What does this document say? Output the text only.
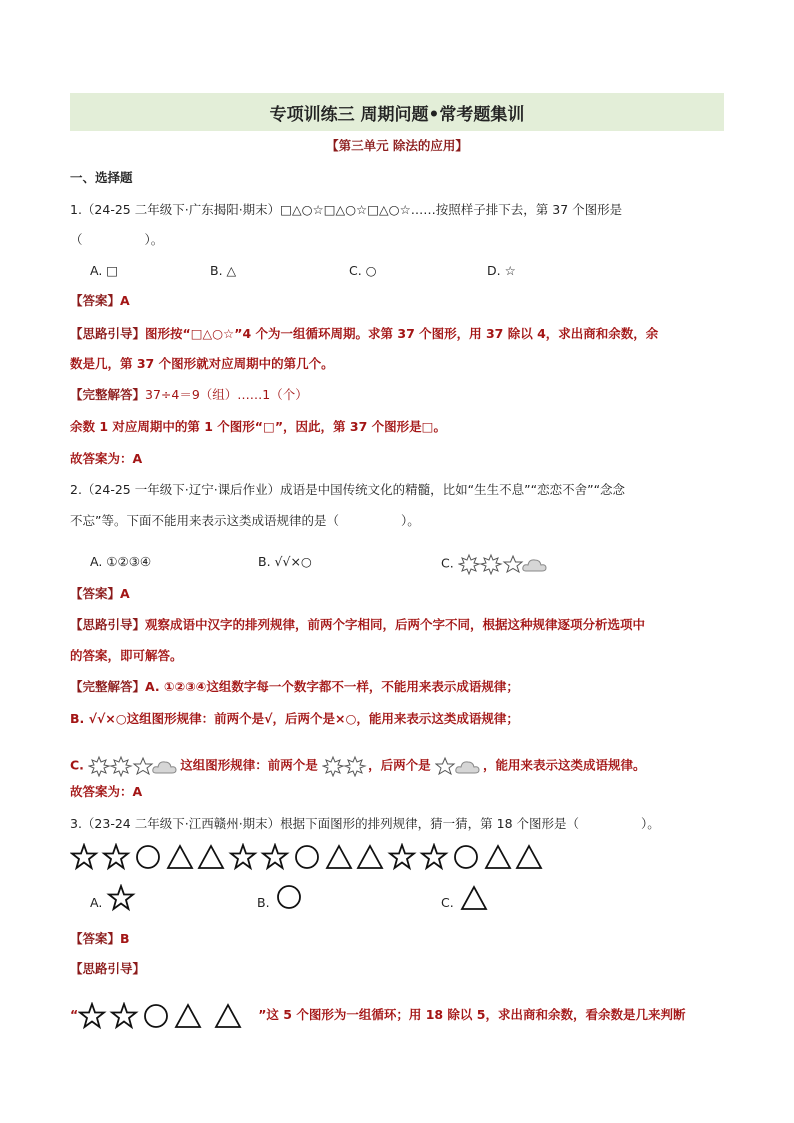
专项训练三 周期问题•常考题集训
【第三单元 除法的应用】
一、选择题
1.（24-25 二年级下·广东揭阳·期末）□△○☆□△○☆□△○☆……按照样子排下去，第 37 个图形是
（	）。
A. □	B. △	C. ○	D. ☆
【答案】A
【思路引导】图形按“□△○☆”4 个为一组循环周期。求第 37 个图形，用 37 除以 4，求出商和余数，余
数是几，第 37 个图形就对应周期中的第几个。
【完整解答】37÷4＝9（组）……1（个）
余数 1 对应周期中的第 1 个图形“□”，因此，第 37 个图形是□。
故答案为：A
2.（24-25 一年级下·辽宁·课后作业）成语是中国传统文化的精髓，比如“生生不息”“恋恋不舍”“念念
不忘”等。下面不能用来表示这类成语规律的是（	）。
A. ①②③④	B. √√×○	C.
【答案】A
【思路引导】观察成语中汉字的排列规律，前两个字相同，后两个字不同，根据这种规律逐项分析选项中
的答案，即可解答。
【完整解答】A. ①②③④这组数字每一个数字都不一样，不能用来表示成语规律；
B. √√×○这组图形规律：前两个是√，后两个是×○，能用来表示这类成语规律；
C.	这组图形规律：前两个是	，后两个是	，能用来表示这类成语规律。
故答案为：A
3.（23-24 二年级下·江西赣州·期末）根据下面图形的排列规律，猜一猜，第 18 个图形是（	）。
A.	B.	C.
【答案】B
【思路引导】
“	”这 5 个图形为一组循环；用 18 除以 5，求出商和余数，看余数是几来判断
